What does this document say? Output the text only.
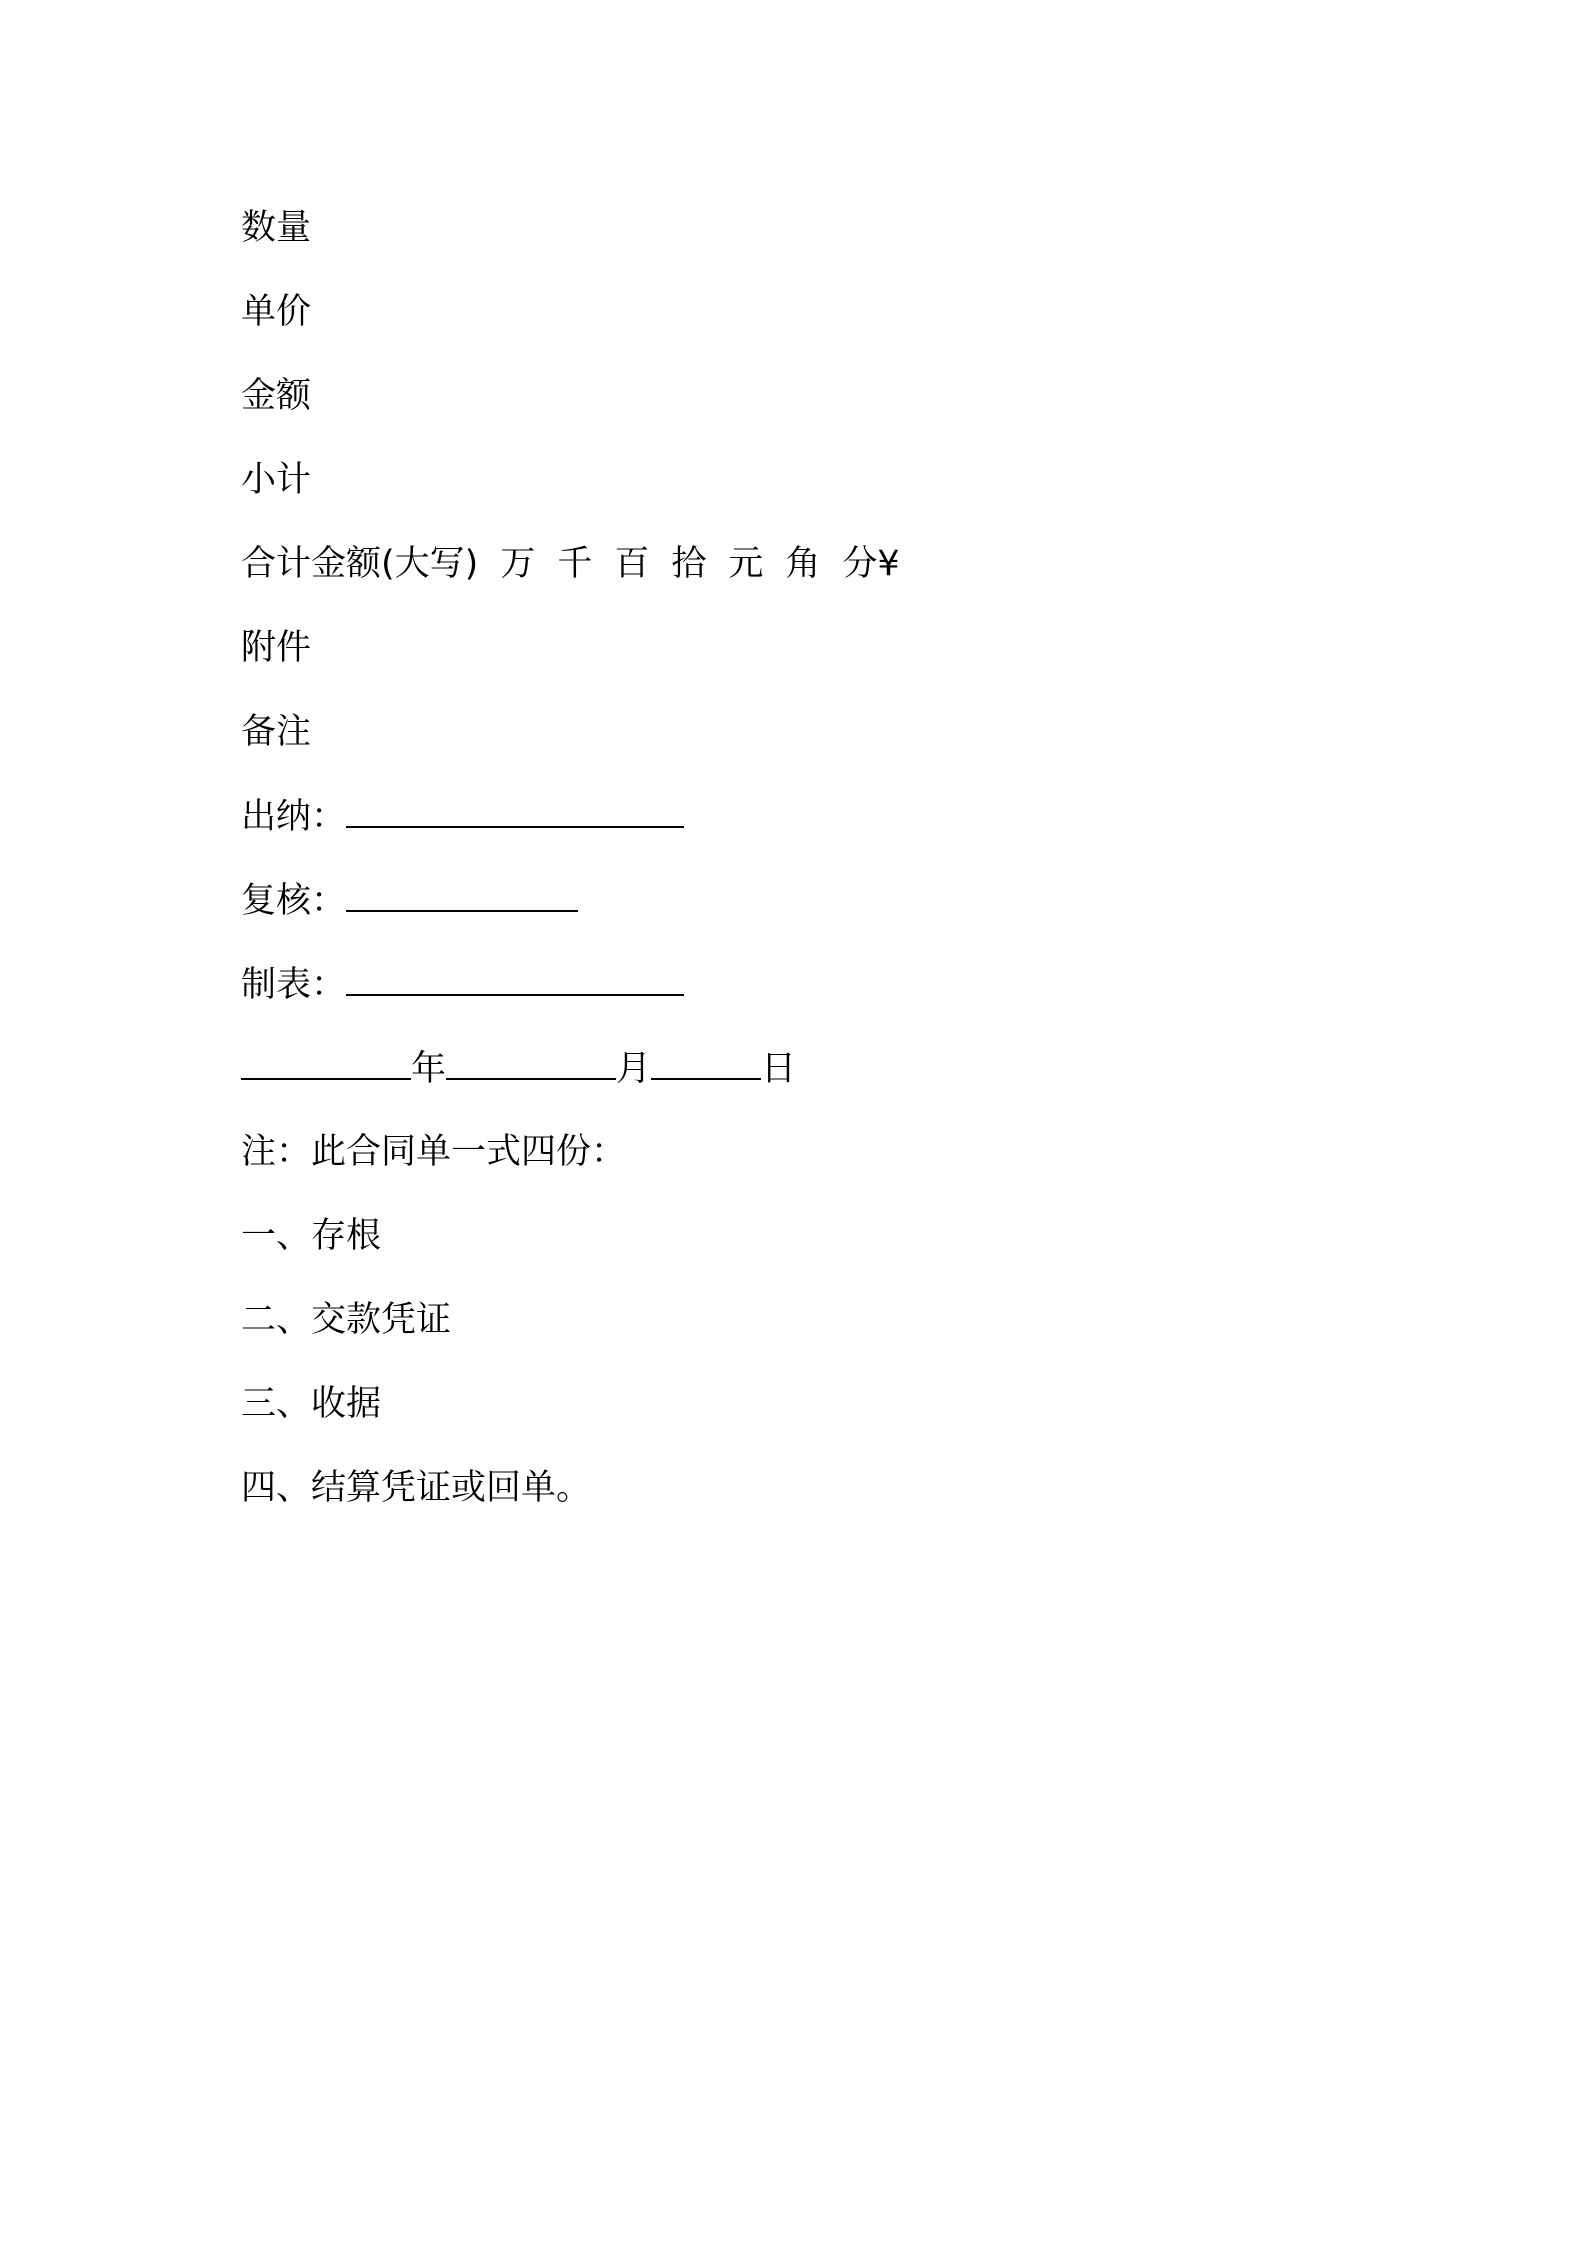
数量
单价
金额
小计
合计金额(大写) 万 千 百 拾 元 角 分¥
附件
备注
出纳：
复核：
制表：
年	月	日
注：此合同单一式四份：
一、存根
二、交款凭证
三、收据
四、结算凭证或回单。
